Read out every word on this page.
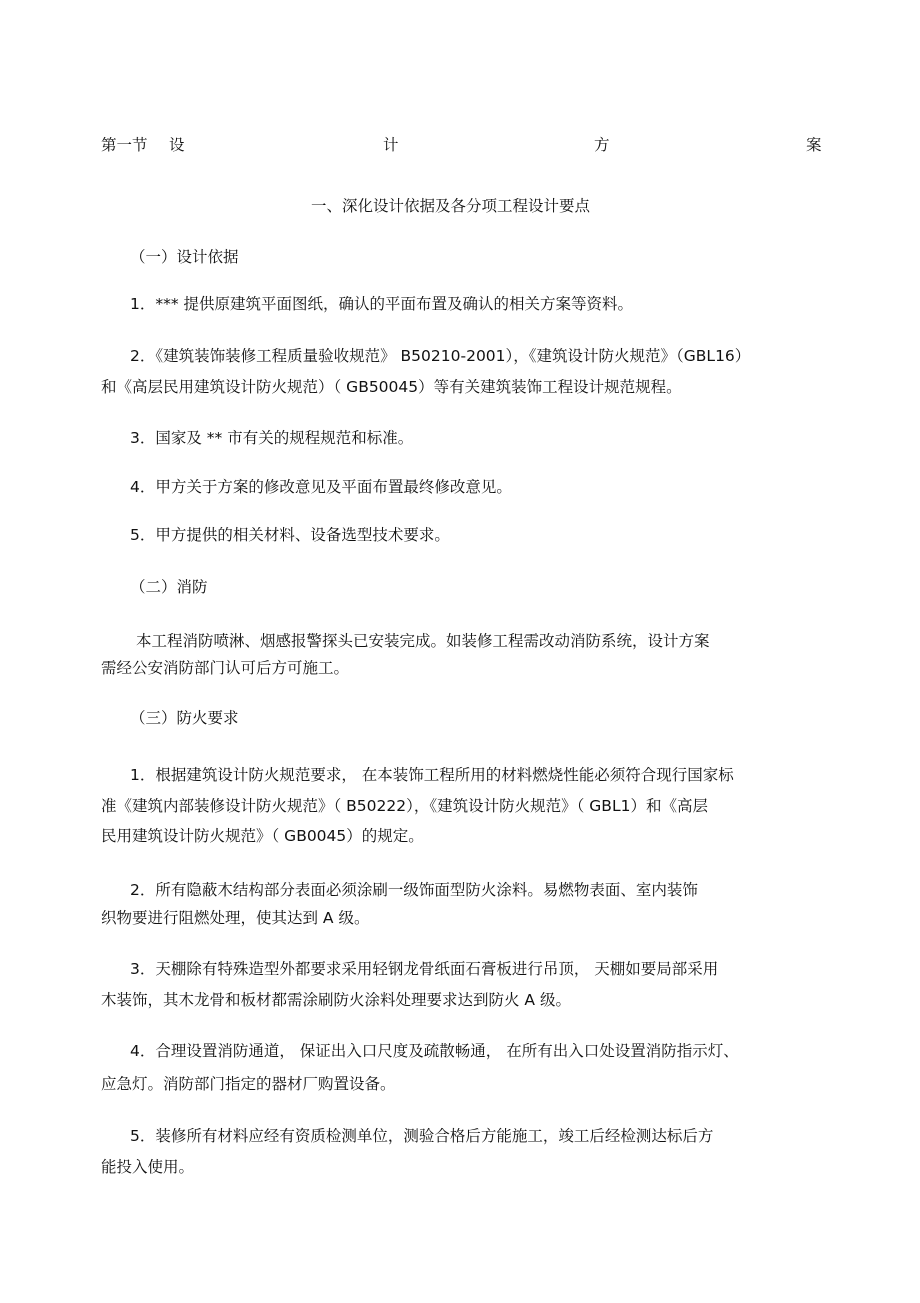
第一节 设	计	方	案
一、深化设计依据及各分项工程设计要点
（一）设计依据
1．*** 提供原建筑平面图纸，确认的平面布置及确认的相关方案等资料。
2．《建筑装饰装修工程质量验收规范》 B50210-2001），《建筑设计防火规范》（GBL16）
和《高层民用建筑设计防火规范）（ GB50045）等有关建筑装饰工程设计规范规程。
3．国家及 ** 市有关的规程规范和标准。
4．甲方关于方案的修改意见及平面布置最终修改意见。
5．甲方提供的相关材料、设备选型技术要求。
（二）消防
本工程消防喷淋、烟感报警探头已安装完成。如装修工程需改动消防系统，设计方案
需经公安消防部门认可后方可施工。
（三）防火要求
1．根据建筑设计防火规范要求， 在本装饰工程所用的材料燃烧性能必须符合现行国家标
准《建筑内部装修设计防火规范》（ B50222），《建筑设计防火规范》（ GBL1）和《高层
民用建筑设计防火规范》（ GB0045）的规定。
2．所有隐蔽木结构部分表面必须涂刷一级饰面型防火涂料。易燃物表面、室内装饰
织物要进行阻燃处理，使其达到 A 级。
3．天棚除有特殊造型外都要求采用轻钢龙骨纸面石膏板进行吊顶， 天棚如要局部采用
木装饰，其木龙骨和板材都需涂刷防火涂料处理要求达到防火 A 级。
4．合理设置消防通道， 保证出入口尺度及疏散畅通， 在所有出入口处设置消防指示灯、
应急灯。消防部门指定的器材厂购置设备。
5．装修所有材料应经有资质检测单位，测验合格后方能施工，竣工后经检测达标后方
能投入使用。
